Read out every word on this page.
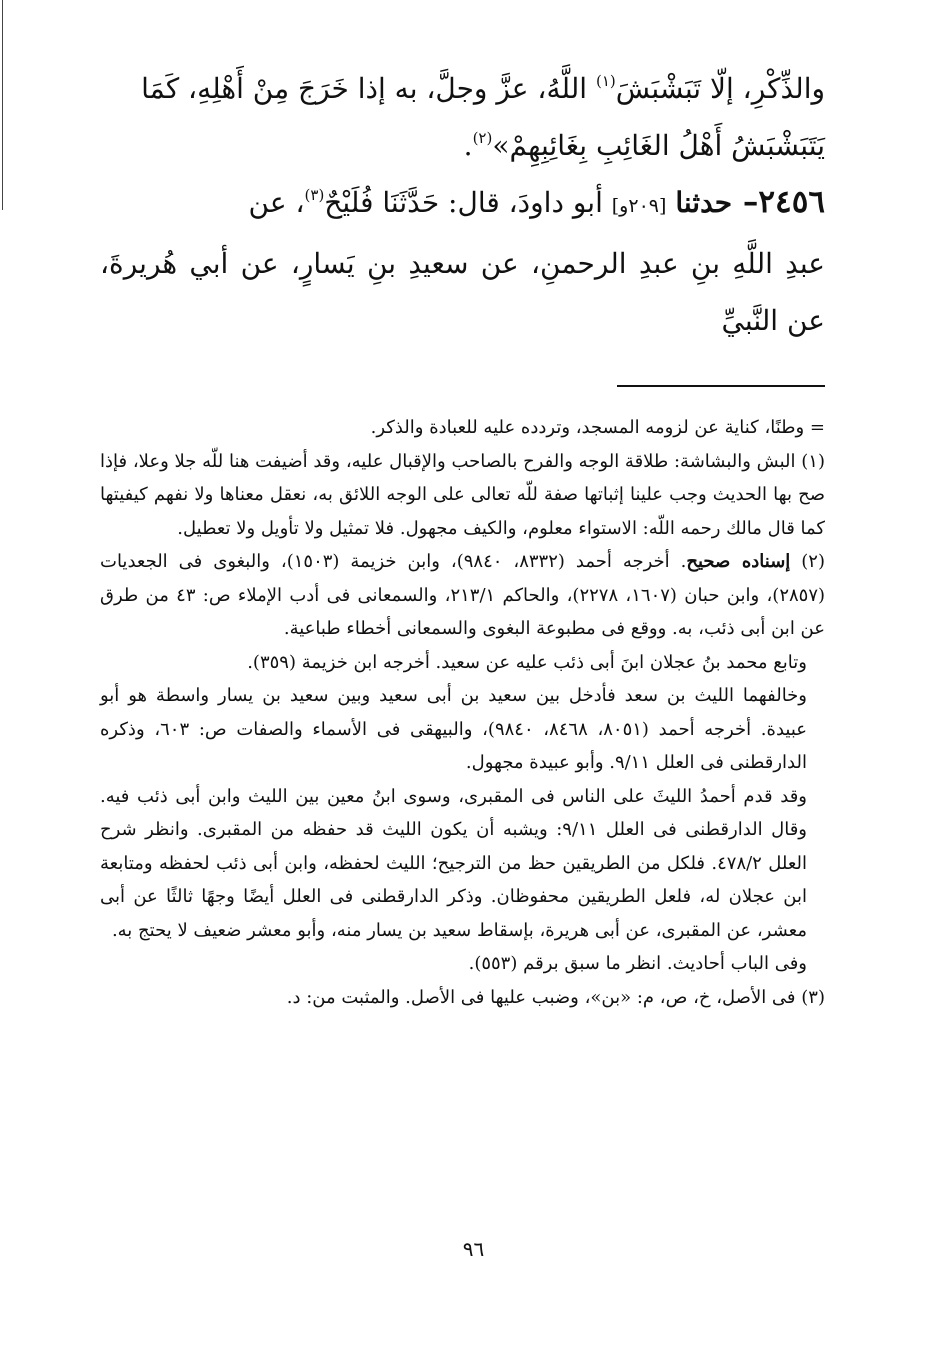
والذِّكْرِ، إلّا تَبَشْبَشَ$^{(١)}$ اللَّهُ، عزَّ وجلَّ، به إذا خَرَجَ مِنْ أَهْلِهِ، كَمَا

يَتَبَشْبَشُ أَهْلُ الغَائِبِ بِغَائِبِهِمْ»$^{(٢)}$.

٢٤٥٦– حدثنا [٢٠٩و] أبو داودَ، قال: حَدَّثَنَا فُلَيْحٌ$^{(٣)}$، عن

عبدِ اللَّهِ بنِ عبدِ الرحمنِ، عن سعيدِ بنِ يَسارٍ، عن أبي هُريرةَ، عن النَّبيِّ

= وطنًا، كناية عن لزومه المسجد، وتردده عليه للعبادة والذكر.

(١) البش والبشاشة: طلاقة الوجه والفرح بالصاحب والإقبال عليه، وقد أضيفت هنا للّه جلا وعلا، فإذا صح بها الحديث وجب علينا إثباتها صفة للّه تعالى على الوجه اللائق به، نعقل معناها ولا نفهم كيفيتها كما قال مالك رحمه اللّه: الاستواء معلوم، والكيف مجهول. فلا تمثيل ولا تأويل ولا تعطيل.

(٢) إسناده صحيح. أخرجه أحمد (٨٣٣٢، ٩٨٤٠)، وابن خزيمة (١٥٠٣)، والبغوى فى الجعديات (٢٨٥٧)، وابن حبان (١٦٠٧، ٢٢٧٨)، والحاكم ٢١٣/١، والسمعانى فى أدب الإملاء ص: ٤٣ من طرق عن ابن أبى ذئب، به. ووقع فى مطبوعة البغوى والسمعانى أخطاء طباعية.

وتابع محمد بنُ عجلان ابنَ أبى ذئب عليه عن سعيد. أخرجه ابن خزيمة (٣٥٩).

وخالفهما الليث بن سعد فأدخل بين سعيد بن أبى سعيد وبين سعيد بن يسار واسطة هو أبو عبيدة. أخرجه أحمد (٨٠٥١، ٨٤٦٨، ٩٨٤٠)، والبيهقى فى الأسماء والصفات ص: ٦٠٣، وذكره الدارقطنى فى العلل ٩/١١. وأبو عبيدة مجهول.

وقد قدم أحمدُ الليثَ على الناس فى المقبرى، وسوى ابنُ معين بين الليث وابن أبى ذئب فيه. وقال الدارقطنى فى العلل ٩/١١: ويشبه أن يكون الليث قد حفظه من المقبرى. وانظر شرح العلل ٤٧٨/٢. فلكل من الطريقين حظ من الترجيح؛ الليث لحفظه، وابن أبى ذئب لحفظه ومتابعة ابن عجلان له، فلعل الطريقين محفوظان. وذكر الدارقطنى فى العلل أيضًا وجهًا ثالثًا عن أبى معشر، عن المقبرى، عن أبى هريرة، بإسقاط سعيد بن يسار منه، وأبو معشر ضعيف لا يحتج به.

وفى الباب أحاديث. انظر ما سبق برقم (٥٥٣).

(٣) فى الأصل، خ، ص، م: «بن»، وضبب عليها فى الأصل. والمثبت من: د.

٩٦
